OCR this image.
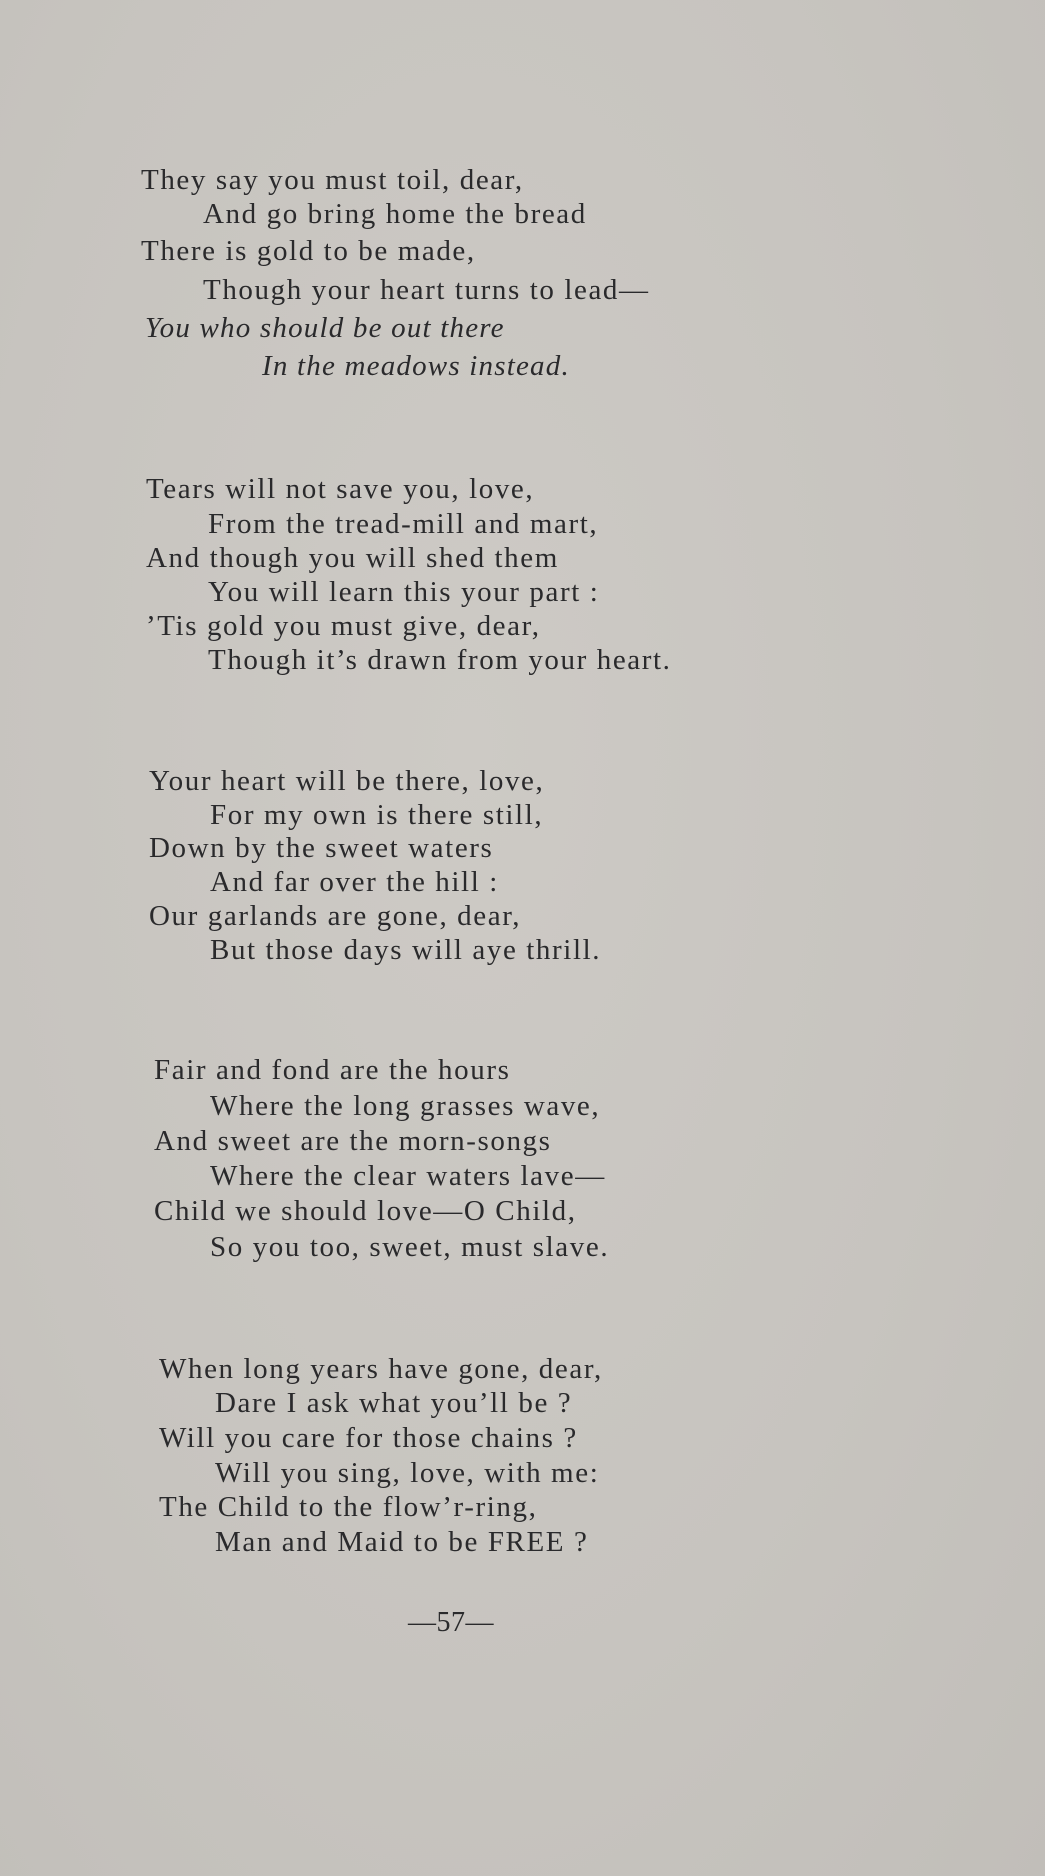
They say you must toil, dear,
And go bring home the bread
There is gold to be made,
Though your heart turns to lead—
You who should be out there
In the meadows instead.
Tears will not save you, love,
From the tread-mill and mart,
And though you will shed them
You will learn this your part :
’Tis gold you must give, dear,
Though it’s drawn from your heart.
Your heart will be there, love,
For my own is there still,
Down by the sweet waters
And far over the hill :
Our garlands are gone, dear,
But those days will aye thrill.
Fair and fond are the hours
Where the long grasses wave,
And sweet are the morn-songs
Where the clear waters lave—
Child we should love—O Child,
So you too, sweet, must slave.
When long years have gone, dear,
Dare I ask what you’ll be ?
Will you care for those chains ?
Will you sing, love, with me:
The Child to the flow’r-ring,
Man and Maid to be FREE ?
—57—
